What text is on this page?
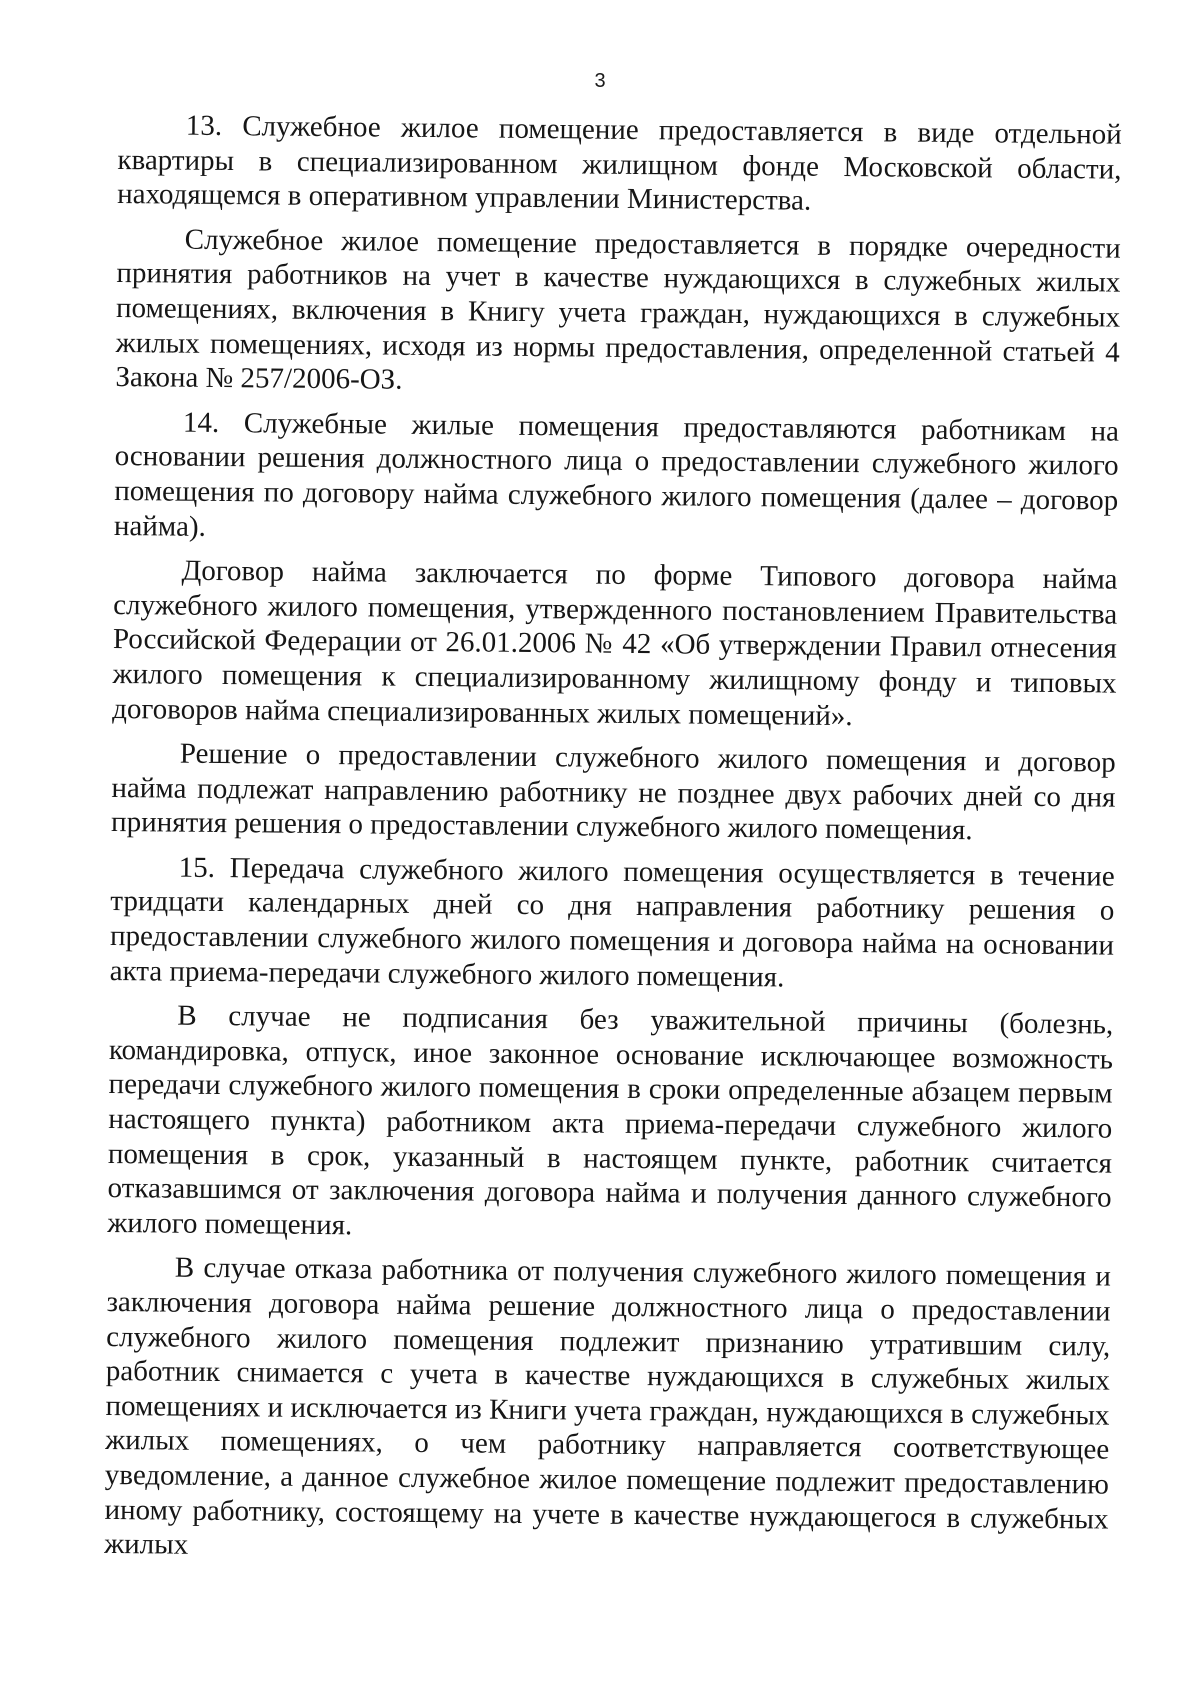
3

13. Служебное жилое помещение предоставляется в виде отдельной квартиры в специализированном жилищном фонде Московской области, находящемся в оперативном управлении Министерства.

Служебное жилое помещение предоставляется в порядке очередности принятия работников на учет в качестве нуждающихся в служебных жилых помещениях, включения в Книгу учета граждан, нуждающихся в служебных жилых помещениях, исходя из нормы предоставления, определенной статьей 4 Закона № 257/2006-ОЗ.

14. Служебные жилые помещения предоставляются работникам на основании решения должностного лица о предоставлении служебного жилого помещения по договору найма служебного жилого помещения (далее – договор найма).

Договор найма заключается по форме Типового договора найма служебного жилого помещения, утвержденного постановлением Правительства Российской Федерации от 26.01.2006 № 42 «Об утверждении Правил отнесения жилого помещения к специализированному жилищному фонду и типовых договоров найма специализированных жилых помещений».

Решение о предоставлении служебного жилого помещения и договор найма подлежат направлению работнику не позднее двух рабочих дней со дня принятия решения о предоставлении служебного жилого помещения.

15. Передача служебного жилого помещения осуществляется в течение тридцати календарных дней со дня направления работнику решения о предоставлении служебного жилого помещения и договора найма на основании акта приема-передачи служебного жилого помещения.

В случае не подписания без уважительной причины (болезнь, командировка, отпуск, иное законное основание исключающее возможность передачи служебного жилого помещения в сроки определенные абзацем первым настоящего пункта) работником акта приема-передачи служебного жилого помещения в срок, указанный в настоящем пункте, работник считается отказавшимся от заключения договора найма и получения данного служебного жилого помещения.

В случае отказа работника от получения служебного жилого помещения и заключения договора найма решение должностного лица о предоставлении служебного жилого помещения подлежит признанию утратившим силу, работник снимается с учета в качестве нуждающихся в служебных жилых помещениях и исключается из Книги учета граждан, нуждающихся в служебных жилых помещениях, о чем работнику направляется соответствующее уведомление, а данное служебное жилое помещение подлежит предоставлению иному работнику, состоящему на учете в качестве нуждающегося в служебных жилых
